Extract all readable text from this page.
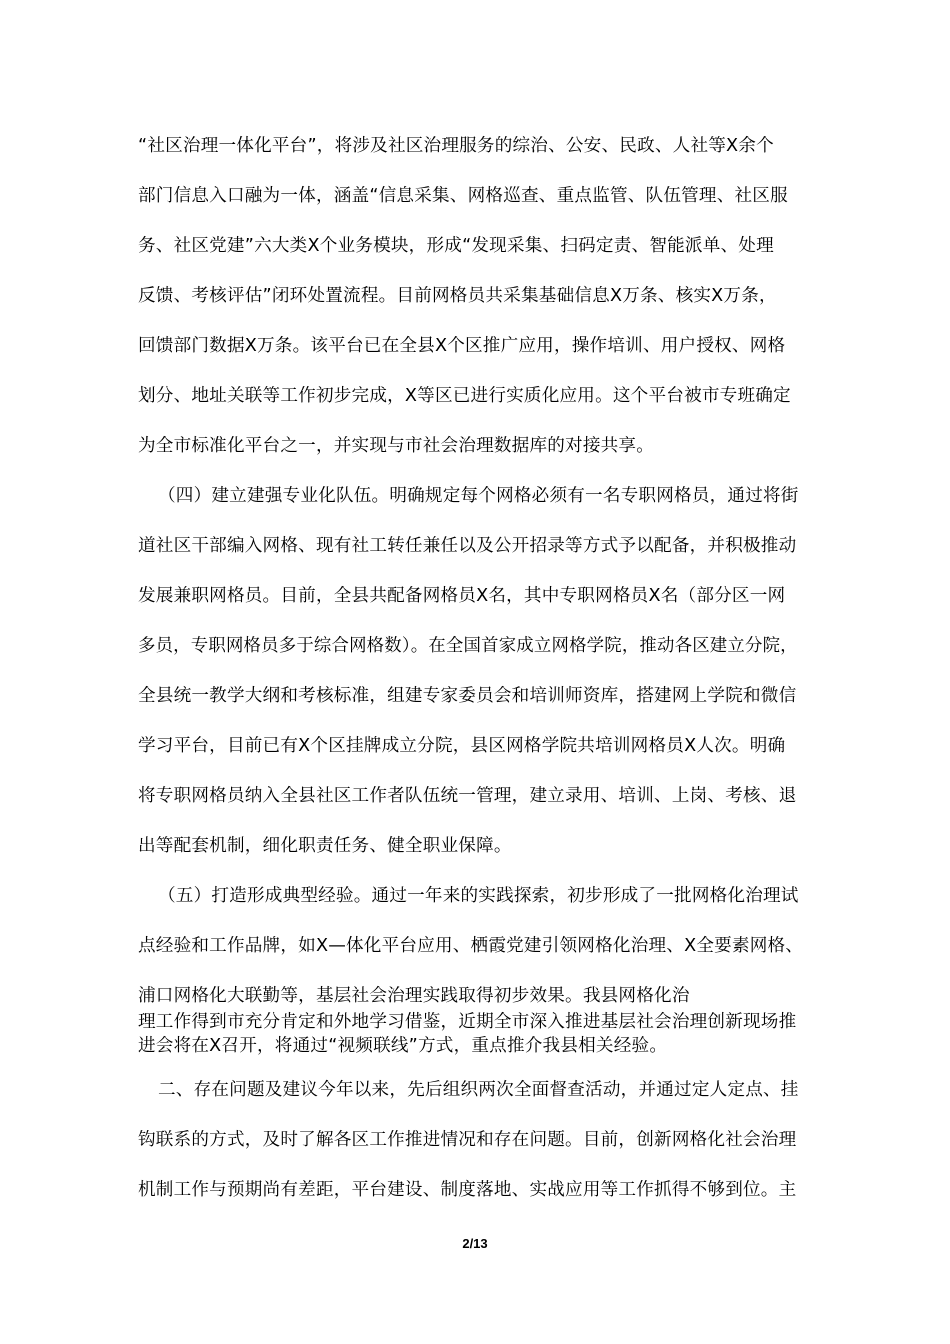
“社区治理一体化平台”，将涉及社区治理服务的综治、公安、民政、人社等Ⅹ余个
部门信息入口融为一体，涵盖“信息采集、网格巡查、重点监管、队伍管理、社区服
务、社区党建”六大类Ⅹ个业务模块，形成“发现采集、扫码定责、智能派单、处理
反馈、考核评估”闭环处置流程。目前网格员共采集基础信息Ⅹ万条、核实Ⅹ万条，
回馈部门数据Ⅹ万条。该平台已在全县Ⅹ个区推广应用，操作培训、用户授权、网格
划分、地址关联等工作初步完成，Ⅹ等区已进行实质化应用。这个平台被市专班确定
为全市标准化平台之一，并实现与市社会治理数据库的对接共享。
（四）建立建强专业化队伍。明确规定每个网格必须有一名专职网格员，通过将街
道社区干部编入网格、现有社工转任兼任以及公开招录等方式予以配备，并积极推动
发展兼职网格员。目前，全县共配备网格员Ⅹ名，其中专职网格员Ⅹ名（部分区一网
多员，专职网格员多于综合网格数）。在全国首家成立网格学院，推动各区建立分院，
全县统一教学大纲和考核标准，组建专家委员会和培训师资库，搭建网上学院和微信
学习平台，目前已有Ⅹ个区挂牌成立分院，县区网格学院共培训网格员Ⅹ人次。明确
将专职网格员纳入全县社区工作者队伍统一管理，建立录用、培训、上岗、考核、退
出等配套机制，细化职责任务、健全职业保障。
（五）打造形成典型经验。通过一年来的实践探索，初步形成了一批网格化治理试
点经验和工作品牌，如Ⅹ—体化平台应用、栖霞党建引领网格化治理、Ⅹ全要素网格、
浦口网格化大联勤等，基层社会治理实践取得初步效果。我县网格化治
理工作得到市充分肯定和外地学习借鉴，近期全市深入推进基层社会治理创新现场推
进会将在Ⅹ召开，将通过“视频联线”方式，重点推介我县相关经验。
二、存在问题及建议今年以来，先后组织两次全面督查活动，并通过定人定点、挂
钩联系的方式，及时了解各区工作推进情况和存在问题。目前，创新网格化社会治理
机制工作与预期尚有差距，平台建设、制度落地、实战应用等工作抓得不够到位。主
2/13
